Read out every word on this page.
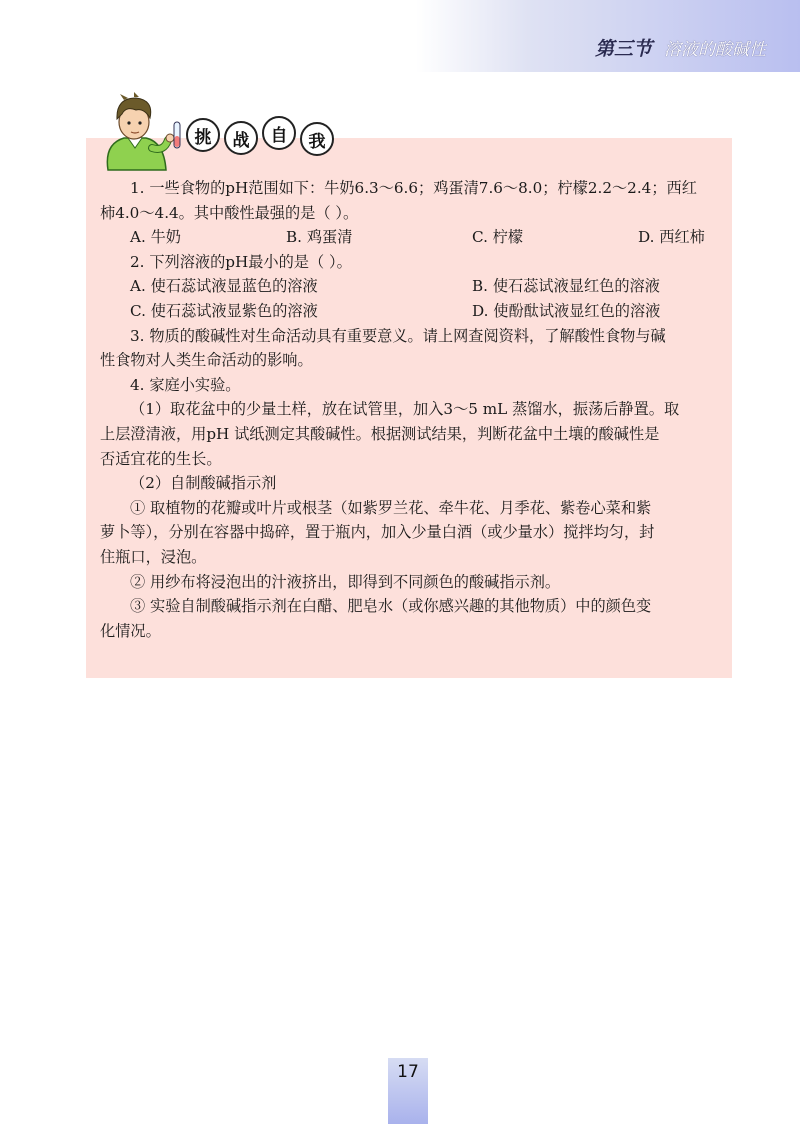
第三节 溶液的酸碱性
挑	战	自	我

1. 一些食物的pH范围如下：牛奶6.3～6.6；鸡蛋清7.6～8.0；柠檬2.2～2.4；西红

柿4.0～4.4。其中酸性最强的是（ ）。

A. 牛奶	B. 鸡蛋清	C. 柠檬	D. 西红柿

2. 下列溶液的pH最小的是（ ）。

A. 使石蕊试液显蓝色的溶液	B. 使石蕊试液显红色的溶液
C. 使石蕊试液显紫色的溶液	D. 使酚酞试液显红色的溶液

3. 物质的酸碱性对生命活动具有重要意义。请上网查阅资料，了解酸性食物与碱

性食物对人类生命活动的影响。

4. 家庭小实验。

（1）取花盆中的少量土样，放在试管里，加入3～5 mL 蒸馏水，振荡后静置。取

上层澄清液，用pH 试纸测定其酸碱性。根据测试结果，判断花盆中土壤的酸碱性是

否适宜花的生长。

（2）自制酸碱指示剂

① 取植物的花瓣或叶片或根茎（如紫罗兰花、牵牛花、月季花、紫卷心菜和紫

萝卜等），分别在容器中捣碎，置于瓶内，加入少量白酒（或少量水）搅拌均匀，封

住瓶口，浸泡。

② 用纱布将浸泡出的汁液挤出，即得到不同颜色的酸碱指示剂。

③ 实验自制酸碱指示剂在白醋、肥皂水（或你感兴趣的其他物质）中的颜色变

化情况。

17
